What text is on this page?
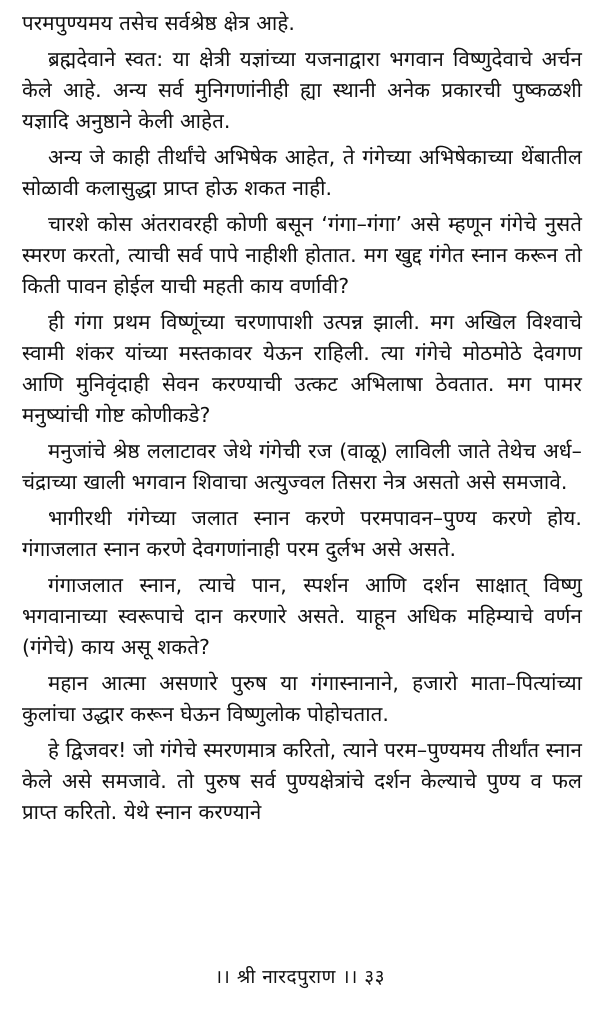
परमपुण्यमय तसेच सर्वश्रेष्ठ क्षेत्र आहे.

ब्रह्मदेवाने स्वत: या क्षेत्री यज्ञांच्या यजनाद्वारा भगवान विष्णुदेवाचे अर्चन केले आहे. अन्य सर्व मुनिगणांनीही ह्या स्थानी अनेक प्रकारची पुष्कळशी यज्ञादि अनुष्ठाने केली आहेत.

अन्य जे काही तीर्थांचे अभिषेक आहेत, ते गंगेच्या अभिषेकाच्या थेंबातील सोळावी कलासुद्धा प्राप्त होऊ शकत नाही.

चारशे कोस अंतरावरही कोणी बसून ‘गंगा–गंगा’ असे म्हणून गंगेचे नुसते स्मरण करतो, त्याची सर्व पापे नाहीशी होतात. मग खुद्द गंगेत स्नान करून तो किती पावन होईल याची महती काय वर्णावी?

ही गंगा प्रथम विष्णूंच्या चरणापाशी उत्पन्न झाली. मग अखिल विश्वाचे स्वामी शंकर यांच्या मस्तकावर येऊन राहिली. त्या गंगेचे मोठमोठे देवगण आणि मुनिवृंदाही सेवन करण्याची उत्कट अभिलाषा ठेवतात. मग पामर मनुष्यांची गोष्ट कोणीकडे?

मनुजांचे श्रेष्ठ ललाटावर जेथे गंगेची रज (वाळू) लाविली जाते तेथेच अर्ध–चंद्राच्या खाली भगवान शिवाचा अत्युज्वल तिसरा नेत्र असतो असे समजावे.

भागीरथी गंगेच्या जलात स्नान करणे परमपावन–पुण्य करणे होय. गंगाजलात स्नान करणे देवगणांनाही परम दुर्लभ असे असते.

गंगाजलात स्नान, त्याचे पान, स्पर्शन आणि दर्शन साक्षात् विष्णु भगवानाच्या स्वरूपाचे दान करणारे असते. याहून अधिक महिम्याचे वर्णन (गंगेचे) काय असू शकते?

महान आत्मा असणारे पुरुष या गंगास्नानाने, हजारो माता–पित्यांच्या कुलांचा उद्धार करून घेऊन विष्णुलोक पोहोचतात.

हे द्विजवर! जो गंगेचे स्मरणमात्र करितो, त्याने परम–पुण्यमय तीर्थांत स्नान केले असे समजावे. तो पुरुष सर्व पुण्यक्षेत्रांचे दर्शन केल्याचे पुण्य व फल प्राप्त करितो. येथे स्नान करण्याने

।। श्री नारदपुराण ।। ३३
